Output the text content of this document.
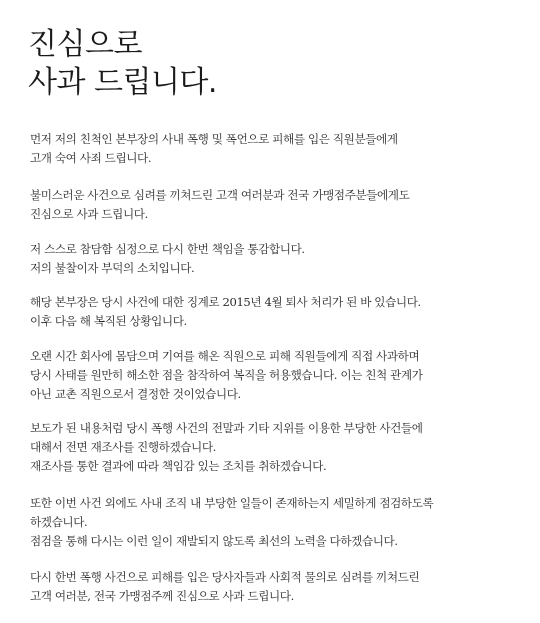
진심으로
사과 드립니다.

먼저 저의 친척인 본부장의 사내 폭행 및 폭언으로 피해를 입은 직원분들에게
고개 숙여 사죄 드립니다.

불미스러운 사건으로 심려를 끼쳐드린 고객 여러분과 전국 가맹점주분들에게도
진심으로 사과 드립니다.

저 스스로 참담함 심정으로 다시 한번 책임을 통감합니다.
저의 불찰이자 부덕의 소치입니다.

해당 본부장은 당시 사건에 대한 징계로 2015년 4월 퇴사 처리가 된 바 있습니다.
이후 다음 해 복직된 상황입니다.

오랜 시간 회사에 몸담으며 기여를 해온 직원으로 피해 직원들에게 직접 사과하며
당시 사태를 원만히 해소한 점을 참작하여 복직을 허용했습니다. 이는 친척 관계가
아닌 교촌 직원으로서 결정한 것이었습니다.

보도가 된 내용처럼 당시 폭행 사건의 전말과 기타 지위를 이용한 부당한 사건들에
대해서 전면 재조사를 진행하겠습니다.
재조사를 통한 결과에 따라 책임감 있는 조치를 취하겠습니다.

또한 이번 사건 외에도 사내 조직 내 부당한 일들이 존재하는지 세밀하게 점검하도록
하겠습니다.
점검을 통해 다시는 이런 일이 재발되지 않도록 최선의 노력을 다하겠습니다.

다시 한번 폭행 사건으로 피해를 입은 당사자들과 사회적 물의로 심려를 끼쳐드린
고객 여러분, 전국 가맹점주께 진심으로 사과 드립니다.
